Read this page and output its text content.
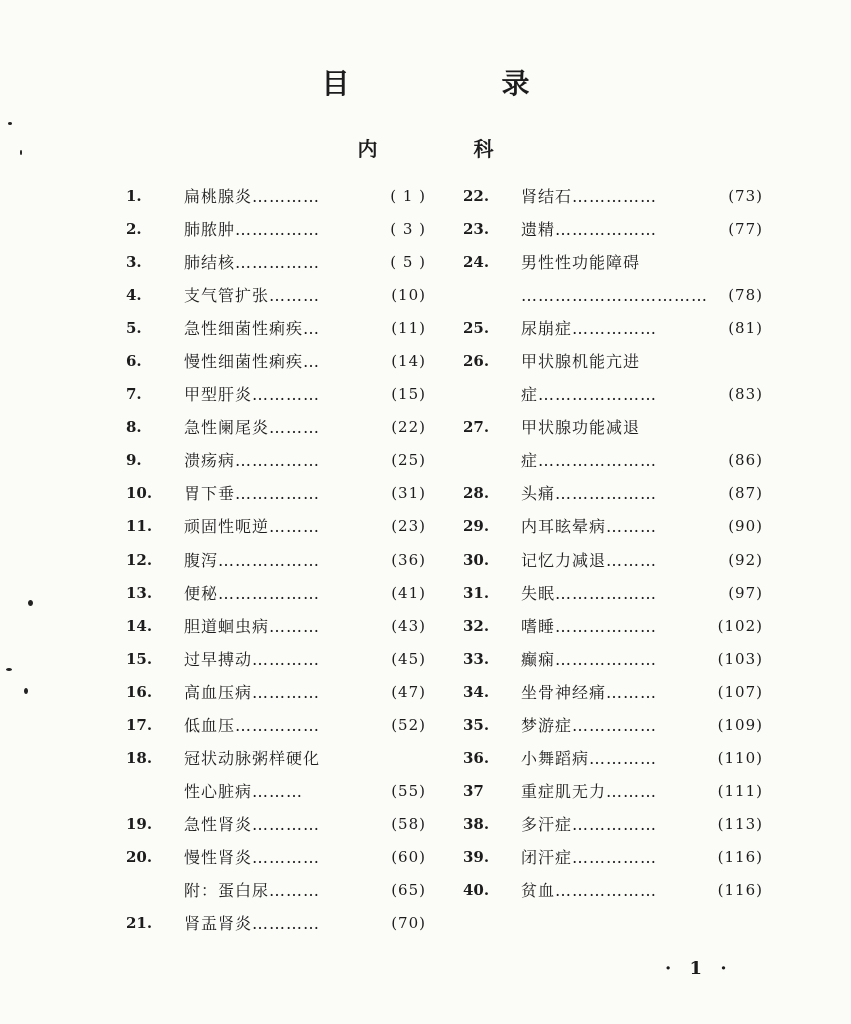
目　录
内　科
1.	扁桃腺炎…………	( 1 )
2.	肺脓肿……………	( 3 )
3.	肺结核……………	( 5 )
4.	支气管扩张………	(10)
5.	急性细菌性痢疾…	(11)
6.	慢性细菌性痢疾…	(14)
7.	甲型肝炎…………	(15)
8.	急性阑尾炎………	(22)
9.	溃疡病……………	(25)
10.	胃下垂……………	(31)
11.	顽固性呃逆………	(23)
12.	腹泻………………	(36)
13.	便秘………………	(41)
14.	胆道蛔虫病………	(43)
15.	过早搏动…………	(45)
16.	高血压病…………	(47)
17.	低血压……………	(52)
18.	冠状动脉粥样硬化
性心脏病………	(55)
19.	急性肾炎…………	(58)
20.	慢性肾炎…………	(60)
附：蛋白尿………	(65)
21.	肾盂肾炎…………	(70)
22.	肾结石……………	(73)
23.	遗精………………	(77)
24.	男性性功能障碍
…………………………… (78)
25.	尿崩症……………	(81)
26.	甲状腺机能亢进
症…………………	(83)
27.	甲状腺功能减退
症…………………	(86)
28.	头痛………………	(87)
29.	内耳眩晕病………	(90)
30.	记忆力减退………	(92)
31.	失眠………………	(97)
32.	嗜睡………………	(102)
33.	癫痫………………	(103)
34.	坐骨神经痛………	(107)
35.	梦游症……………	(109)
36.	小舞蹈病…………	(110)
37	重症肌无力………	(111)
38.	多汗症……………	(113)
39.	闭汗症……………	(116)
40.	贫血………………	(116)
· 1 ·
